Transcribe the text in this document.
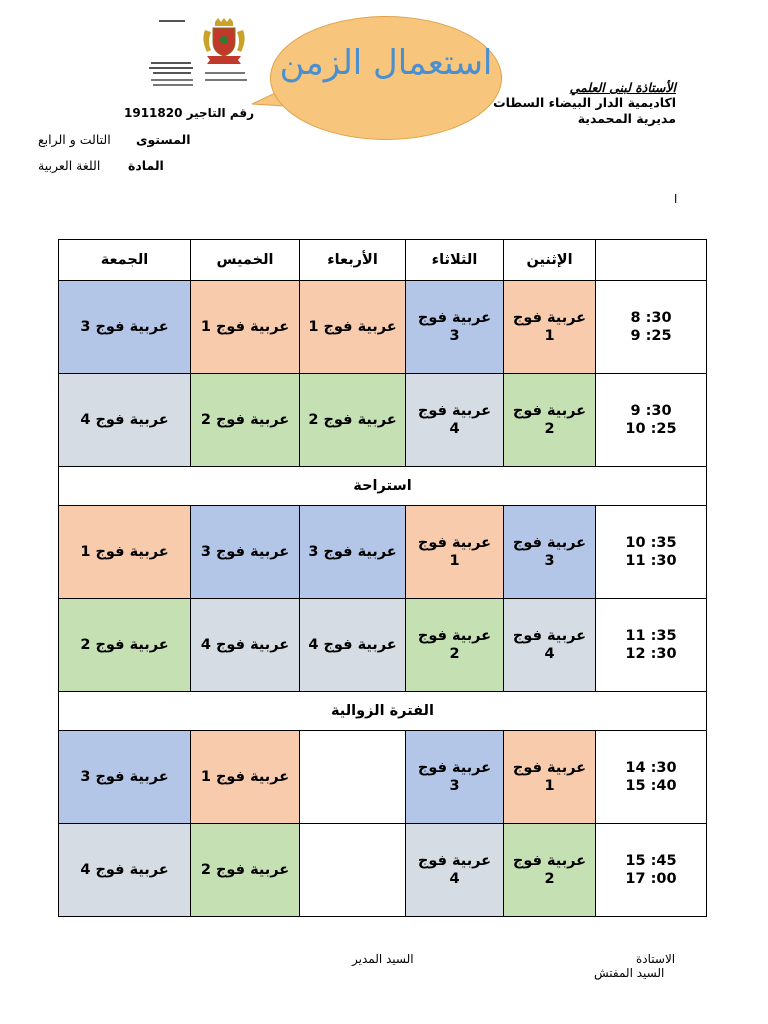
استعمال الزمن
الأستاذة لبنى العلمي
اكاديمية الدار البيضاء السطات
مديرية المحمدية
رقم التاجير 1911820
المستوى
التالت و الرابع
المادة
اللغة العربية
ا
الجمعة	الخميس	الأربعاء	الثلاثاء	الإثنين	

عربية فوج 3	عربية فوج 1	عربية فوج 1	عربية فوج 3	عربية فوج 1	8 :30
9 :25

عربية فوج 4	عربية فوج 2	عربية فوج 2	عربية فوج 4	عربية فوج 2	9 :30
10 :25

استراحة					

عربية فوج 1	عربية فوج 3	عربية فوج 3	عربية فوج 1	عربية فوج 3	10 :35
11 :30

عربية فوج 2	عربية فوج 4	عربية فوج 4	عربية فوج 2	عربية فوج 4	11 :35
12 :30

الفترة الزوالية					

عربية فوج 3	عربية فوج 1		عربية فوج 3	عربية فوج 1	14 :30
15 :40

عربية فوج 4	عربية فوج 2		عربية فوج 4	عربية فوج 2	15 :45
17 :00
الاستادة
السيد المدير
السيد المفتش
